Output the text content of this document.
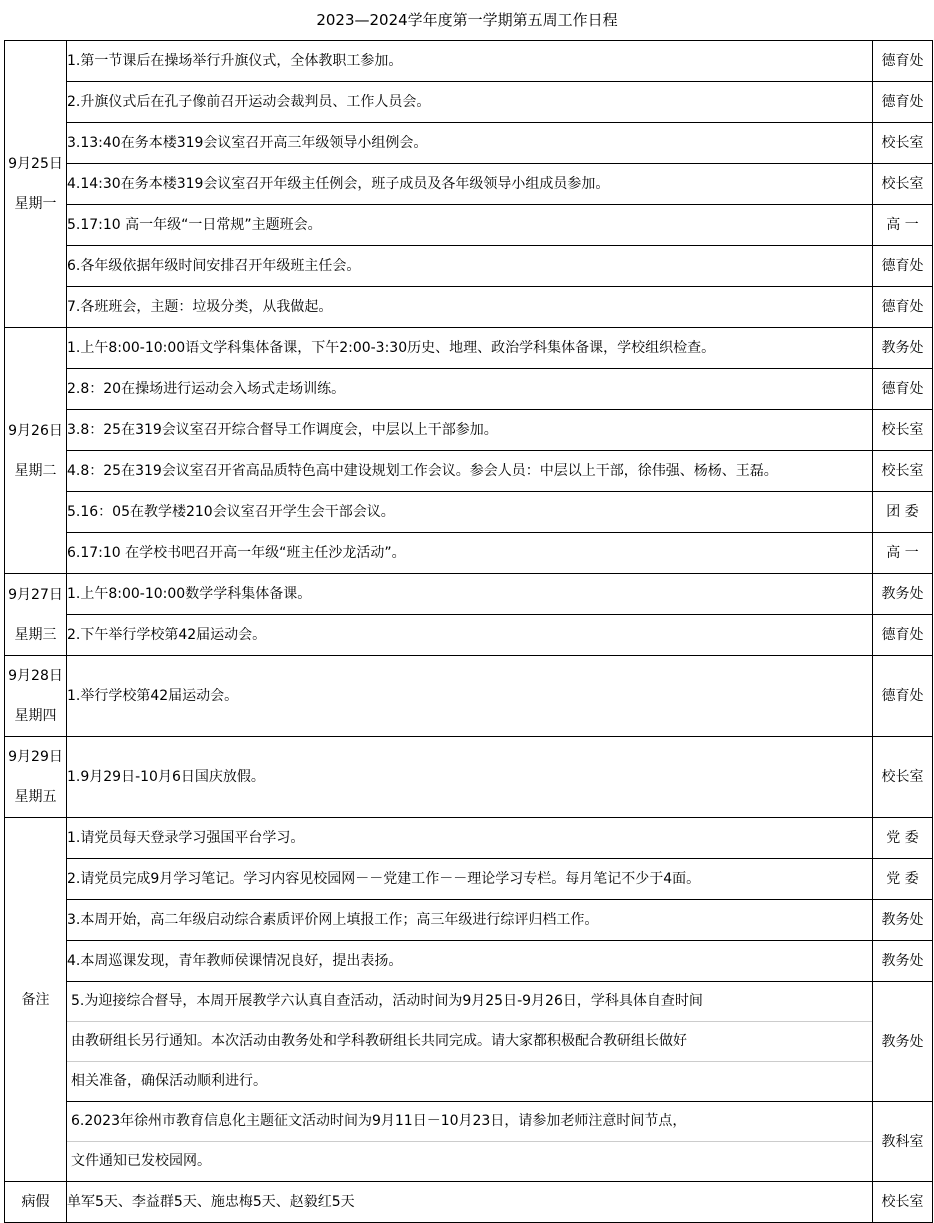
2023—2024学年度第一学期第五周工作日程
9月25日
星期一	1.第一节课后在操场举行升旗仪式，全体教职工参加。	德育处
	2.升旗仪式后在孔子像前召开运动会裁判员、工作人员会。	德育处
	3.13:40在务本楼319会议室召开高三年级领导小组例会。	校长室
	4.14:30在务本楼319会议室召开年级主任例会，班子成员及各年级领导小组成员参加。	校长室
	5.17:10 高一年级“一日常规”主题班会。	高 一
	6.各年级依据年级时间安排召开年级班主任会。	德育处
	7.各班班会，主题：垃圾分类，从我做起。	德育处

9月26日
星期二	1.上午8:00-10:00语文学科集体备课，下午2:00-3:30历史、地理、政治学科集体备课，学校组织检查。	教务处
	2.8：20在操场进行运动会入场式走场训练。	德育处
	3.8：25在319会议室召开综合督导工作调度会，中层以上干部参加。	校长室
	4.8：25在319会议室召开省高品质特色高中建设规划工作会议。参会人员：中层以上干部，徐伟强、杨杨、王磊。	校长室
	5.16：05在教学楼210会议室召开学生会干部会议。	团 委
	6.17:10 在学校书吧召开高一年级“班主任沙龙活动”。	高 一

9月27日
星期三	1.上午8:00-10:00数学学科集体备课。	教务处
	2.下午举行学校第42届运动会。	德育处

9月28日
星期四	1.举行学校第42届运动会。	德育处

9月29日
星期五	1.9月29日-10月6日国庆放假。	校长室
备注	1.请党员每天登录学习强国平台学习。	党 委
	2.请党员完成9月学习笔记。学习内容见校园网－－党建工作－－理论学习专栏。每月笔记不少于4面。	党 委
	3.本周开始，高二年级启动综合素质评价网上填报工作；高三年级进行综评归档工作。	教务处
	4.本周巡课发现，青年教师侯课情况良好，提出表扬。	教务处

	5.为迎接综合督导，本周开展教学六认真自查活动，活动时间为9月25日-9月26日，学科具体自查时间
由教研组长另行通知。本次活动由教务处和学科教研组长共同完成。请大家都积极配合教研组长做好
相关准备，确保活动顺利进行。	教务处

	6.2023年徐州市教育信息化主题征文活动时间为9月11日－10月23日，请参加老师注意时间节点，
文件通知已发校园网。	教科室
病假	单军5天、李益群5天、施忠梅5天、赵毅红5天	校长室
